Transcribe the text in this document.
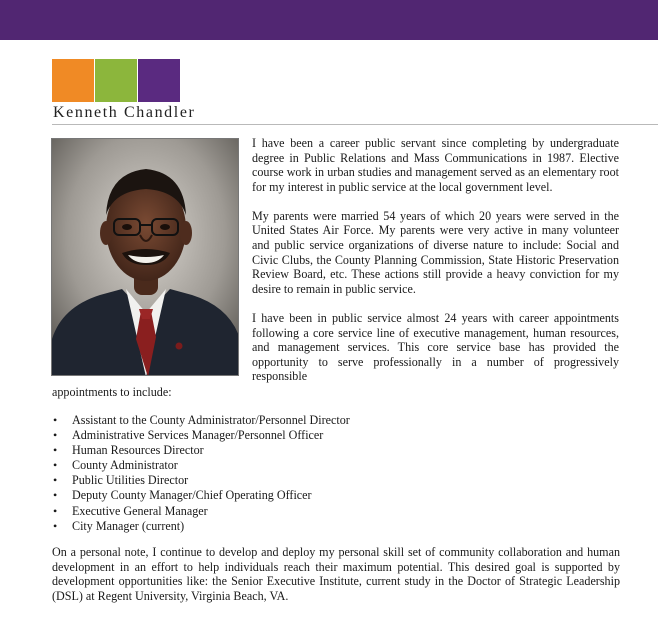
Kenneth Chandler

I have been a career public servant since completing by undergraduate degree in Public Relations and Mass Communications in 1987. Elective course work in urban studies and management served as an elementary root for my interest in public service at the local government level.

My parents were married 54 years of which 20 years were served in the United States Air Force. My parents were very active in many volunteer and public service organizations of diverse nature to include: Social and Civic Clubs, the County Planning Commission, State Historic Preservation Review Board, etc. These actions still provide a heavy conviction for my desire to remain in public service.

I have been in public service almost 24 years with career appointments following a core service line of executive management, human resources, and management services. This core service base has provided the opportunity to serve professionally in a number of progressively responsible

appointments to include:
• Assistant to the County Administrator/Personnel Director
• Administrative Services Manager/Personnel Officer
• Human Resources Director
• County Administrator
• Public Utilities Director
• Deputy County Manager/Chief Operating Officer
• Executive General Manager
• City Manager (current)
On a personal note, I continue to develop and deploy my personal skill set of community collaboration and human development in an effort to help individuals reach their maximum potential. This desired goal is supported by development opportunities like: the Senior Executive Institute, current study in the Doctor of Strategic Leadership (DSL) at Regent University, Virginia Beach, VA.
